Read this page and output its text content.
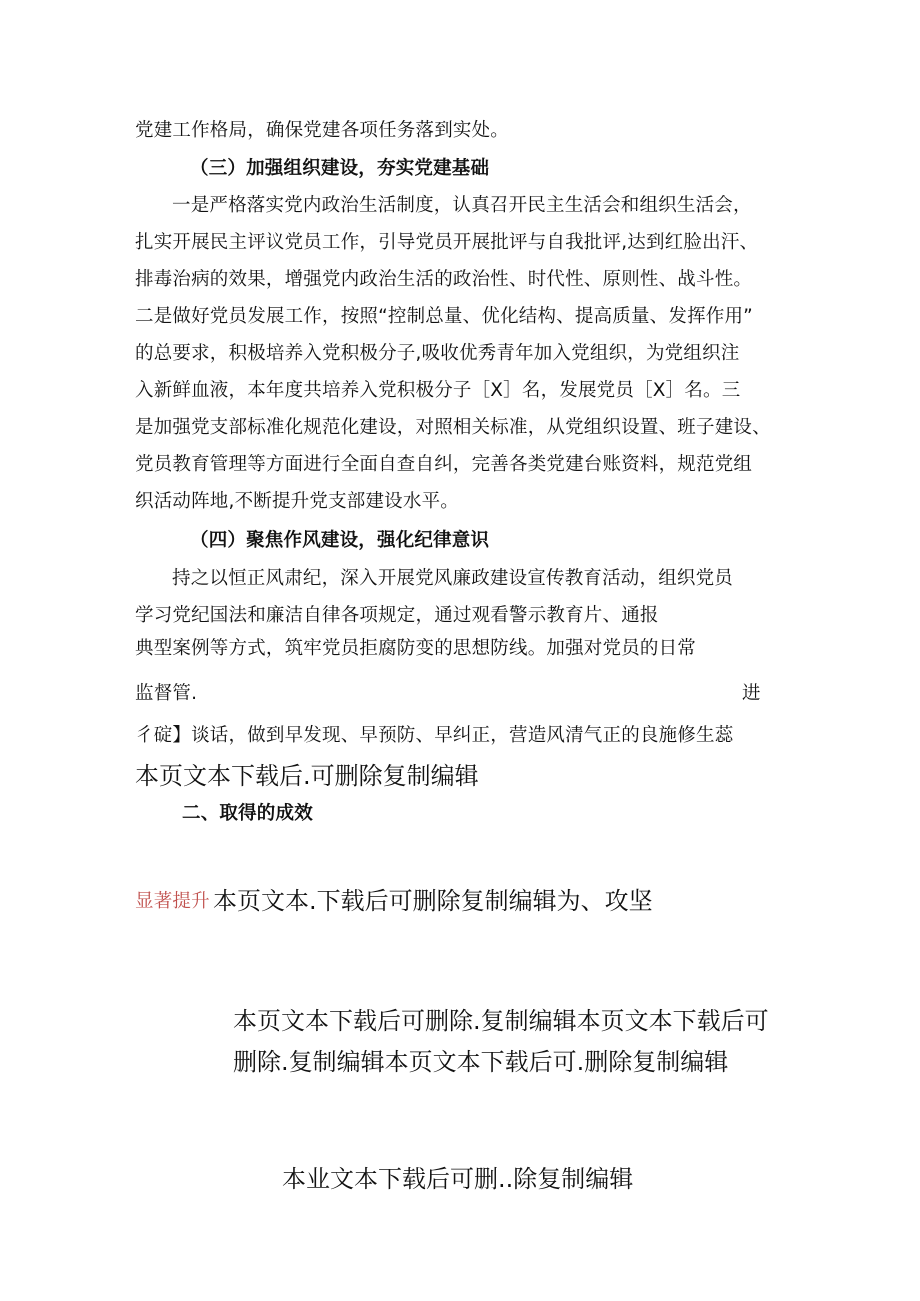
党建工作格局，确保党建各项任务落到实处。
（三）加强组织建设，夯实党建基础
一是严格落实党内政治生活制度，认真召开民主生活会和组织生活会，
扎实开展民主评议党员工作，引导党员开展批评与自我批评,达到红脸出汗、
排毒治病的效果，增强党内政治生活的政治性、时代性、原则性、战斗性。
二是做好党员发展工作，按照“控制总量、优化结构、提高质量、发挥作用”
的总要求，积极培养入党积极分子,吸收优秀青年加入党组织，为党组织注
入新鲜血液，本年度共培养入党积极分子［X］名，发展党员［X］名。三
是加强党支部标准化规范化建设，对照相关标准，从党组织设置、班子建设、
党员教育管理等方面进行全面自查自纠，完善各类党建台账资料，规范党组
织活动阵地,不断提升党支部建设水平。
（四）聚焦作风建设，强化纪律意识
持之以恒正风肃纪，深入开展党风廉政建设宣传教育活动，组织党员
学习党纪国法和廉洁自律各项规定，通过观看警示教育片、通报
典型案例等方式，筑牢党员拒腐防变的思想防线。加强对党员的日常
监督管.	进
彳碇】谈话，做到早发现、早预防、早纠正，营造风清气正的良施修生蕊
本页文本下载后.可删除复制编辑
二、取得的成效
显著提升 本页文本.下载后可删除复制编辑为、攻坚
本页文本下载后可删除.复制编辑本页文本下载后可
删除.复制编辑本页文本下载后可.删除复制编辑
本业文本下载后可删..除复制编辑
